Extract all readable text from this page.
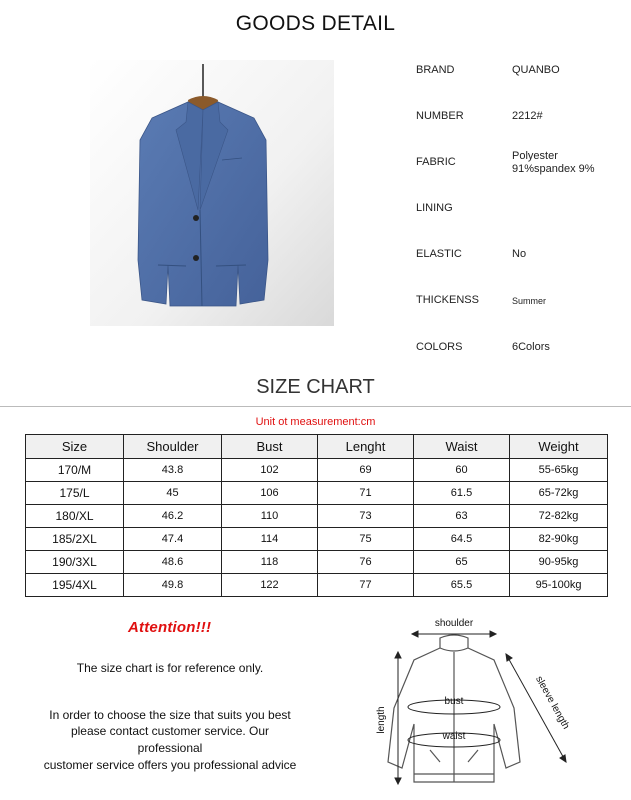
GOODS DETAIL
BRAND	QUANBO
NUMBER	2212#
FABRIC	Polyester
91%spandex 9%
LINING
ELASTIC	No
THICKENSS	Summer
COLORS	6Colors
SIZE CHART
Unit ot measurement:cm
Size	Shoulder	Bust	Lenght	Waist	Weight
170/M	43.8	102	69	60	55-65kg
175/L	45	106	71	61.5	65-72kg
180/XL	46.2	110	73	63	72-82kg
185/2XL	47.4	114	75	64.5	82-90kg
190/3XL	48.6	118	76	65	90-95kg
195/4XL	49.8	122	77	65.5	95-100kg
Attention!!!
The size chart is for reference only.
In order to choose the size that suits you best
please contact customer service. Our
professional
customer service offers you professional advice
shoulder
bust
waist
length	sleeve length
